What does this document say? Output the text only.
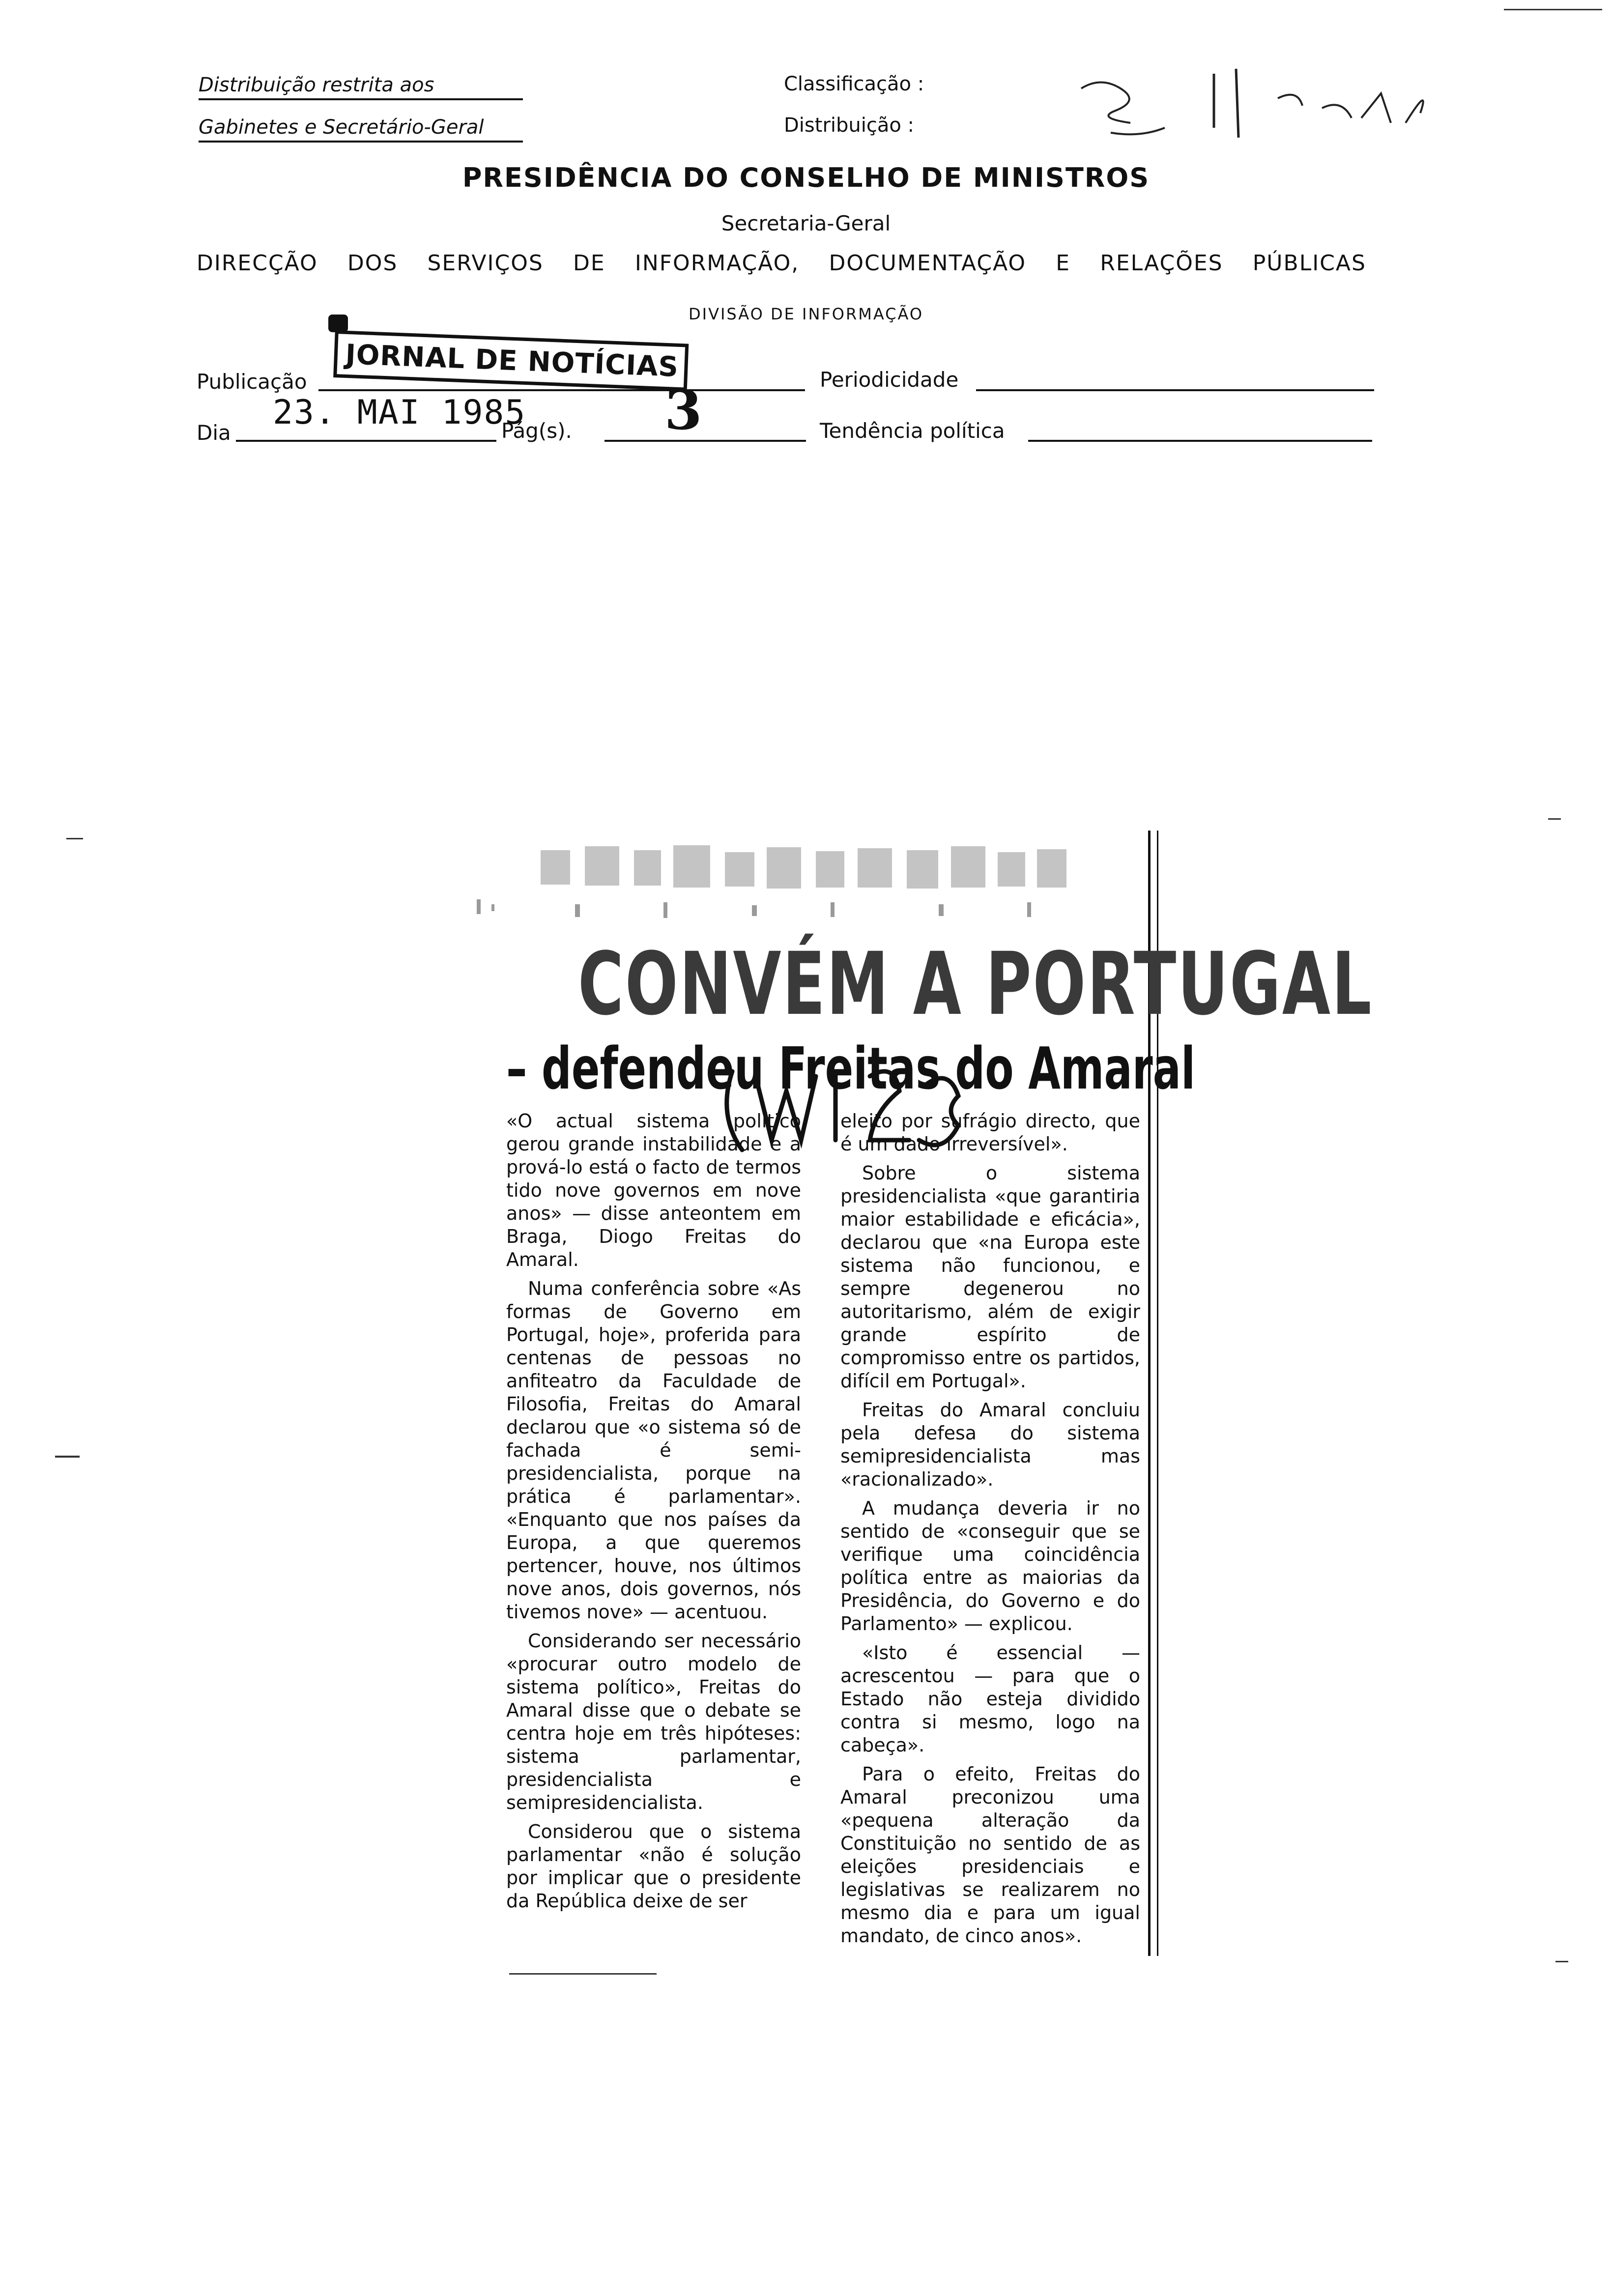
Distribuição restrita aos
Gabinetes e Secretário-Geral
Classificação :
Distribuição :
PRESIDÊNCIA DO CONSELHO DE MINISTROS
Secretaria-Geral
DIRECÇÃO DOS SERVIÇOS DE INFORMAÇÃO, DOCUMENTAÇÃO E RELAÇÕES PÚBLICAS
DIVISÃO DE INFORMAÇÃO
JORNAL DE NOTÍCIAS
Publicação	Periodicidade
Dia
23. MAI 1985
Pág(s). 3	Tendência política
CONVÉM A PORTUGAL
– defendeu Freitas do Amaral

«O actual sistema político gerou grande instabilidade e a prová-lo está o facto de termos tido nove governos em nove anos» — disse anteontem em Braga, Diogo Freitas do Amaral.

Numa conferência sobre «As formas de Governo em Portugal, hoje», proferida para centenas de pessoas no anfiteatro da Faculdade de Filosofia, Freitas do Amaral declarou que «o sistema só de fachada é semi-presidencialista, porque na prática é parlamentar». «Enquanto que nos países da Europa, a que queremos pertencer, houve, nos últimos nove anos, dois governos, nós tivemos nove» — acentuou.

Considerando ser necessário «procurar outro modelo de sistema político», Freitas do Amaral disse que o debate se centra hoje em três hipóteses: sistema parlamentar, presidencialista e semipresidencialista.

Considerou que o sistema parlamentar «não é solução por implicar que o presidente da República deixe de ser

eleito por sufrágio directo, que é um dado irreversível».

Sobre o sistema presidencialista «que garantiria maior estabilidade e eficácia», declarou que «na Europa este sistema não funcionou, e sempre degenerou no autoritarismo, além de exigir grande espírito de compromisso entre os partidos, difícil em Portugal».

Freitas do Amaral concluiu pela defesa do sistema semipresidencialista mas «racionalizado».

A mudança deveria ir no sentido de «conseguir que se verifique uma coincidência política entre as maiorias da Presidência, do Governo e do Parlamento» — explicou.

«Isto é essencial — acrescentou — para que o Estado não esteja dividido contra si mesmo, logo na cabeça».

Para o efeito, Freitas do Amaral preconizou uma «pequena alteração da Constituição no sentido de as eleições presidenciais e legislativas se realizarem no mesmo dia e para um igual mandato, de cinco anos».
